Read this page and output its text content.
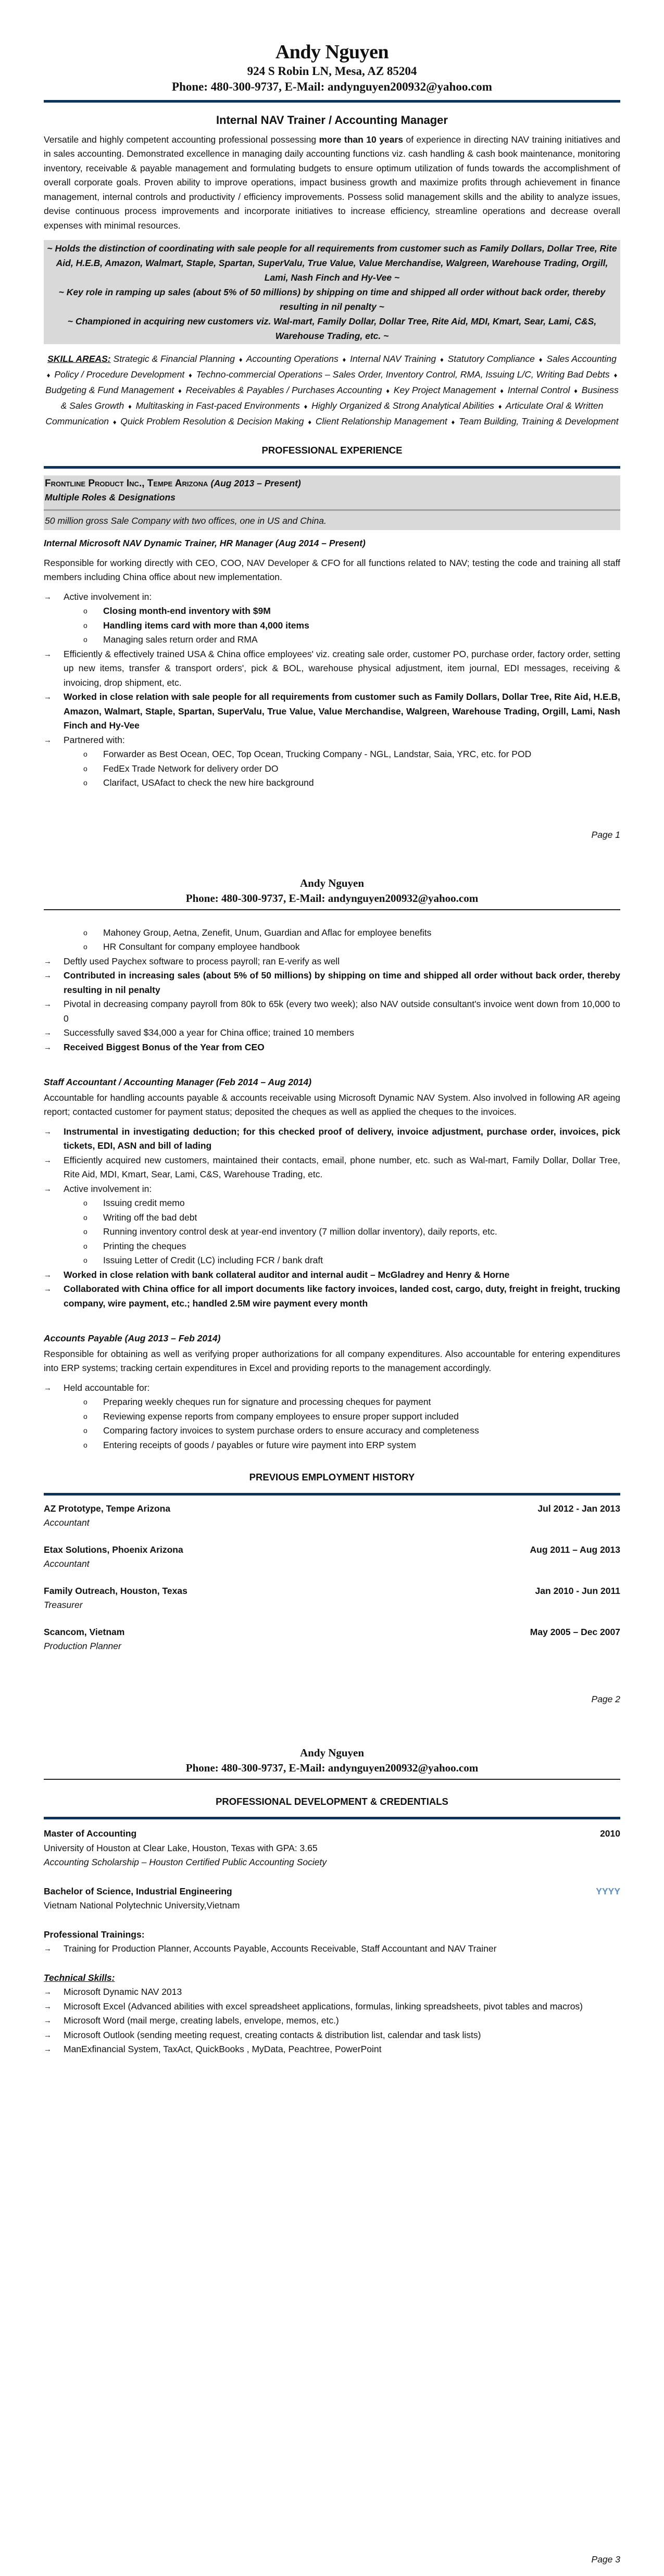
Andy Nguyen
924 S Robin LN, Mesa, AZ 85204
Phone: 480-300-9737, E-Mail: andynguyen200932@yahoo.com
Internal NAV Trainer / Accounting Manager
Versatile and highly competent accounting professional possessing more than 10 years of experience in directing NAV training initiatives and in sales accounting. Demonstrated excellence in managing daily accounting functions viz. cash handling & cash book maintenance, monitoring inventory, receivable & payable management and formulating budgets to ensure optimum utilization of funds towards the accomplishment of overall corporate goals. Proven ability to improve operations, impact business growth and maximize profits through achievement in finance management, internal controls and productivity / efficiency improvements. Possess solid management skills and the ability to analyze issues, devise continuous process improvements and incorporate initiatives to increase efficiency, streamline operations and decrease overall expenses with minimal resources.
~ Holds the distinction of coordinating with sale people for all requirements from customer such as Family Dollars, Dollar Tree, Rite Aid, H.E.B, Amazon, Walmart, Staple, Spartan, SuperValu, True Value, Value Merchandise, Walgreen, Warehouse Trading, Orgill, Lami, Nash Finch and Hy-Vee ~
~ Key role in ramping up sales (about 5% of 50 millions) by shipping on time and shipped all order without back order, thereby resulting in nil penalty ~
~ Championed in acquiring new customers viz. Wal-mart, Family Dollar, Dollar Tree, Rite Aid, MDI, Kmart, Sear, Lami, C&S, Warehouse Trading, etc. ~
SKILL AREAS: Strategic & Financial Planning ♦ Accounting Operations ♦ Internal NAV Training ♦ Statutory Compliance ♦ Sales Accounting ♦ Policy / Procedure Development ♦ Techno-commercial Operations – Sales Order, Inventory Control, RMA, Issuing L/C, Writing Bad Debts ♦ Budgeting & Fund Management ♦ Receivables & Payables / Purchases Accounting ♦ Key Project Management ♦ Internal Control ♦ Business & Sales Growth ♦ Multitasking in Fast-paced Environments ♦ Highly Organized & Strong Analytical Abilities ♦ Articulate Oral & Written Communication ♦ Quick Problem Resolution & Decision Making ♦ Client Relationship Management ♦ Team Building, Training & Development
PROFESSIONAL EXPERIENCE
Frontline Product Inc., Tempe Arizona (Aug 2013 – Present)
Multiple Roles & Designations
50 million gross Sale Company with two offices, one in US and China.
Internal Microsoft NAV Dynamic Trainer, HR Manager (Aug 2014 – Present)
Responsible for working directly with CEO, COO, NAV Developer & CFO for all functions related to NAV; testing the code and training all staff members including China office about new implementation.
→ Active involvement in:
o Closing month-end inventory with $9M
o Handling items card with more than 4,000 items
o Managing sales return order and RMA
→ Efficiently & effectively trained USA & China office employees' viz. creating sale order, customer PO, purchase order, factory order, setting up new items, transfer & transport orders', pick & BOL, warehouse physical adjustment, item journal, EDI messages, receiving & invoicing, drop shipment, etc.
→ Worked in close relation with sale people for all requirements from customer such as Family Dollars, Dollar Tree, Rite Aid, H.E.B, Amazon, Walmart, Staple, Spartan, SuperValu, True Value, Value Merchandise, Walgreen, Warehouse Trading, Orgill, Lami, Nash Finch and Hy-Vee
→ Partnered with:
o Forwarder as Best Ocean, OEC, Top Ocean, Trucking Company - NGL, Landstar, Saia, YRC, etc. for POD
o FedEx Trade Network for delivery order DO
o Clarifact, USAfact to check the new hire background
Page 1
Andy Nguyen
Phone: 480-300-9737, E-Mail: andynguyen200932@yahoo.com
o Mahoney Group, Aetna, Zenefit, Unum, Guardian and Aflac for employee benefits
o HR Consultant for company employee handbook
→ Deftly used Paychex software to process payroll; ran E-verify as well
→ Contributed in increasing sales (about 5% of 50 millions) by shipping on time and shipped all order without back order, thereby resulting in nil penalty
→ Pivotal in decreasing company payroll from 80k to 65k (every two week); also NAV outside consultant's invoice went down from 10,000 to 0
→ Successfully saved $34,000 a year for China office; trained 10 members
→ Received Biggest Bonus of the Year from CEO
Staff Accountant / Accounting Manager (Feb 2014 – Aug 2014)
Accountable for handling accounts payable & accounts receivable using Microsoft Dynamic NAV System. Also involved in following AR ageing report; contacted customer for payment status; deposited the cheques as well as applied the cheques to the invoices.
→ Instrumental in investigating deduction; for this checked proof of delivery, invoice adjustment, purchase order, invoices, pick tickets, EDI, ASN and bill of lading
→ Efficiently acquired new customers, maintained their contacts, email, phone number, etc. such as Wal-mart, Family Dollar, Dollar Tree, Rite Aid, MDI, Kmart, Sear, Lami, C&S, Warehouse Trading, etc.
→ Active involvement in:
o Issuing credit memo
o Writing off the bad debt
o Running inventory control desk at year-end inventory (7 million dollar inventory), daily reports, etc.
o Printing the cheques
o Issuing Letter of Credit (LC) including FCR / bank draft
→ Worked in close relation with bank collateral auditor and internal audit – McGladrey and Henry & Horne
→ Collaborated with China office for all import documents like factory invoices, landed cost, cargo, duty, freight in freight, trucking company, wire payment, etc.; handled 2.5M wire payment every month
Accounts Payable (Aug 2013 – Feb 2014)
Responsible for obtaining as well as verifying proper authorizations for all company expenditures. Also accountable for entering expenditures into ERP systems; tracking certain expenditures in Excel and providing reports to the management accordingly.
→ Held accountable for:
o Preparing weekly cheques run for signature and processing cheques for payment
o Reviewing expense reports from company employees to ensure proper support included
o Comparing factory invoices to system purchase orders to ensure accuracy and completeness
o Entering receipts of goods / payables or future wire payment into ERP system
PREVIOUS EMPLOYMENT HISTORY
AZ Prototype, Tempe Arizona	Jul 2012 - Jan 2013
Accountant
Etax Solutions, Phoenix Arizona	Aug 2011 – Aug 2013
Accountant
Family Outreach, Houston, Texas	Jan 2010 - Jun 2011
Treasurer
Scancom, Vietnam	May 2005 – Dec 2007
Production Planner
Page 2
Andy Nguyen
Phone: 480-300-9737, E-Mail: andynguyen200932@yahoo.com
PROFESSIONAL DEVELOPMENT & CREDENTIALS
Master of Accounting	2010
University of Houston at Clear Lake, Houston, Texas with GPA: 3.65
Accounting Scholarship – Houston Certified Public Accounting Society
Bachelor of Science, Industrial Engineering	YYYY
Vietnam National Polytechnic University,Vietnam
Professional Trainings:
→ Training for Production Planner, Accounts Payable, Accounts Receivable, Staff Accountant and NAV Trainer
Technical Skills:
→ Microsoft Dynamic NAV 2013
→ Microsoft Excel (Advanced abilities with excel spreadsheet applications, formulas, linking spreadsheets, pivot tables and macros)
→ Microsoft Word (mail merge, creating labels, envelope, memos, etc.)
→ Microsoft Outlook (sending meeting request, creating contacts & distribution list, calendar and task lists)
→ ManExfinancial System, TaxAct, QuickBooks , MyData, Peachtree, PowerPoint
Page 3
